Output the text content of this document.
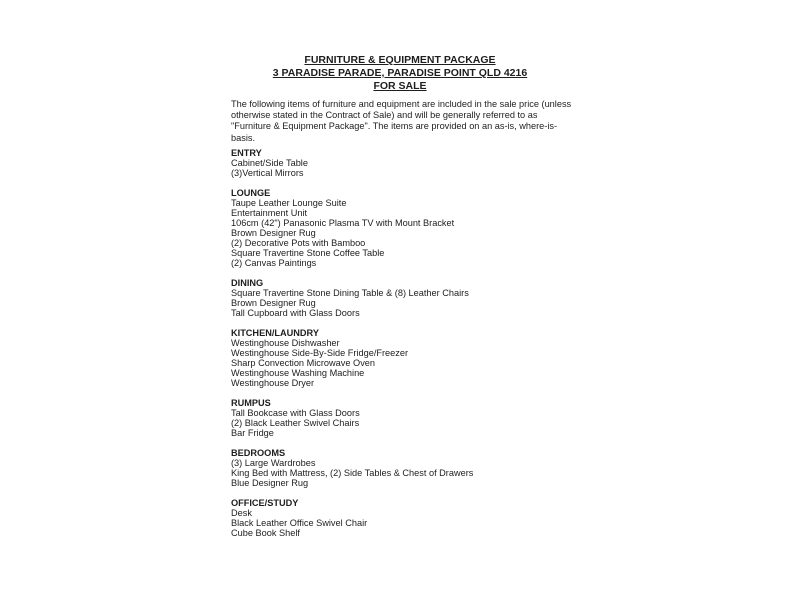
FURNITURE & EQUIPMENT PACKAGE
3 PARADISE PARADE, PARADISE POINT QLD 4216
FOR SALE
The following items of furniture and equipment are included in the sale price (unless
otherwise stated in the Contract of Sale) and will be generally referred to as
"Furniture & Equipment Package". The items are provided on an as-is, where-is-
basis.
ENTRY
Cabinet/Side Table
(3)Vertical Mirrors
LOUNGE
Taupe Leather Lounge Suite
Entertainment Unit
106cm (42") Panasonic Plasma TV with Mount Bracket
Brown Designer Rug
(2) Decorative Pots with Bamboo
Square Travertine Stone Coffee Table
(2) Canvas Paintings
DINING
Square Travertine Stone Dining Table & (8) Leather Chairs
Brown Designer Rug
Tall Cupboard with Glass Doors
KITCHEN/LAUNDRY
Westinghouse Dishwasher
Westinghouse Side-By-Side Fridge/Freezer
Sharp Convection Microwave Oven
Westinghouse Washing Machine
Westinghouse Dryer
RUMPUS
Tall Bookcase with Glass Doors
(2) Black Leather Swivel Chairs
Bar Fridge
BEDROOMS
(3) Large Wardrobes
King Bed with Mattress, (2) Side Tables & Chest of Drawers
Blue Designer Rug
OFFICE/STUDY
Desk
Black Leather Office Swivel Chair
Cube Book Shelf
